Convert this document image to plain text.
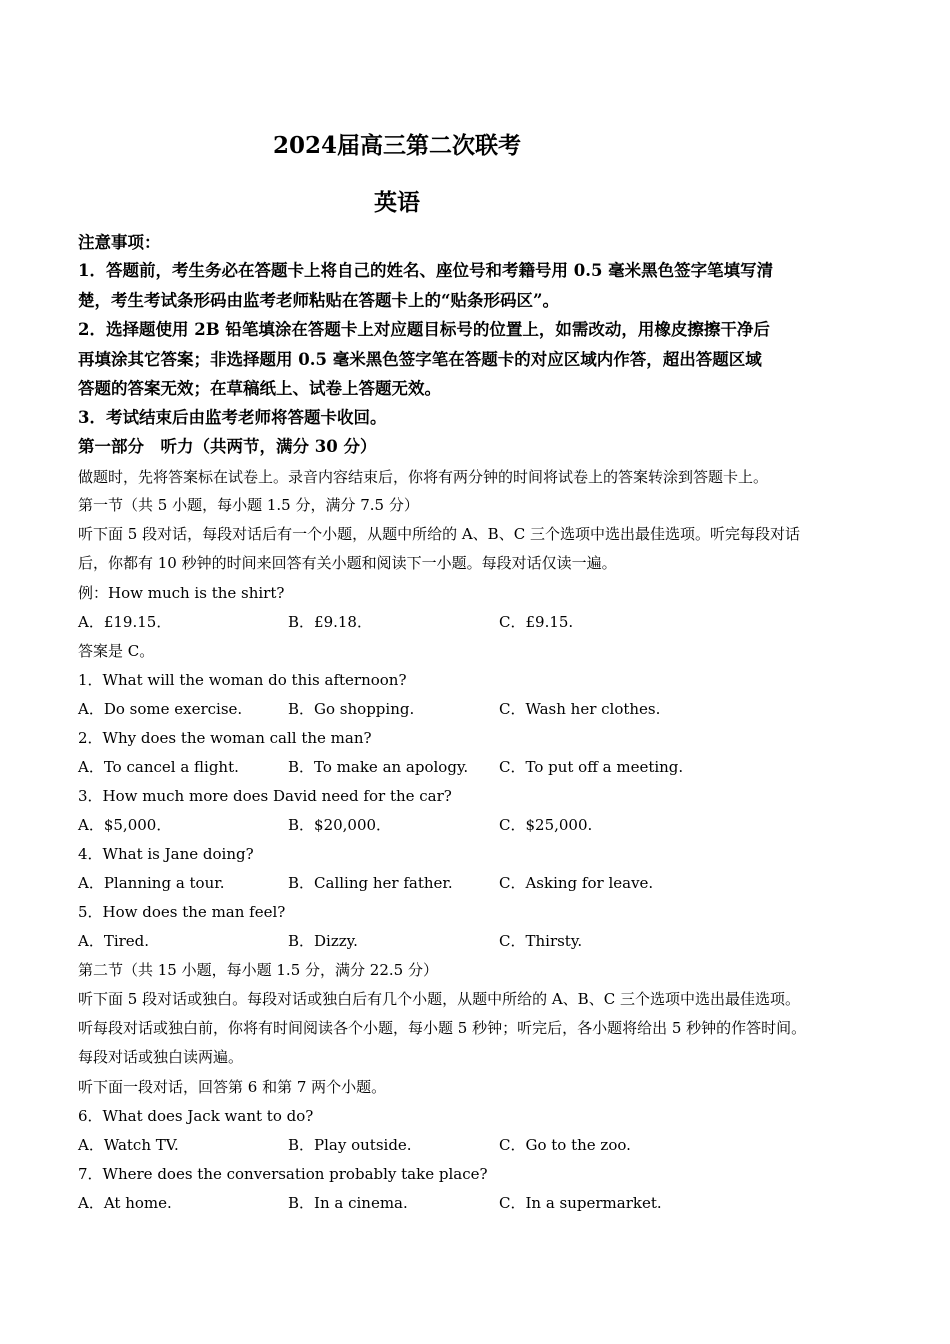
2024届高三第二次联考
英语
注意事项：
1．答题前，考生务必在答题卡上将自己的姓名、座位号和考籍号用 0.5 毫米黑色签字笔填写清
楚，考生考试条形码由监考老师粘贴在答题卡上的“贴条形码区”。
2．选择题使用 2B 铅笔填涂在答题卡上对应题目标号的位置上，如需改动，用橡皮擦擦干净后
再填涂其它答案；非选择题用 0.5 毫米黑色签字笔在答题卡的对应区域内作答，超出答题区域
答题的答案无效；在草稿纸上、试卷上答题无效。
3．考试结束后由监考老师将答题卡收回。
第一部分　听力（共两节，满分 30 分）
做题时，先将答案标在试卷上。录音内容结束后，你将有两分钟的时间将试卷上的答案转涂到答题卡上。
第一节（共 5 小题，每小题 1.5 分，满分 7.5 分）
听下面 5 段对话，每段对话后有一个小题，从题中所给的 A、B、C 三个选项中选出最佳选项。听完每段对话
后，你都有 10 秒钟的时间来回答有关小题和阅读下一小题。每段对话仅读一遍。
例：How much is the shirt?
A．£19.15．	B．£9.18．	C．£9.15.
答案是 C。
1．What will the woman do this afternoon?
A．Do some exercise.	B．Go shopping.	C．Wash her clothes.
2．Why does the woman call the man?
A．To cancel a flight.	B．To make an apology. C．To put off a meeting.
3．How much more does David need for the car?
A．$5,000．	B．$20,000．	C．$25,000.
4．What is Jane doing?
A．Planning a tour.	B．Calling her father.	C．Asking for leave.
5．How does the man feel?
A．Tired.	B．Dizzy.	C．Thirsty.
第二节（共 15 小题，每小题 1.5 分，满分 22.5 分）
听下面 5 段对话或独白。每段对话或独白后有几个小题，从题中所给的 A、B、C 三个选项中选出最佳选项。
听每段对话或独白前，你将有时间阅读各个小题，每小题 5 秒钟；听完后，各小题将给出 5 秒钟的作答时间。
每段对话或独白读两遍。
听下面一段对话，回答第 6 和第 7 两个小题。
6．What does Jack want to do?
A．Watch TV.	B．Play outside.	C．Go to the zoo.
7．Where does the conversation probably take place?
A．At home.	B．In a cinema.	C．In a supermarket.
